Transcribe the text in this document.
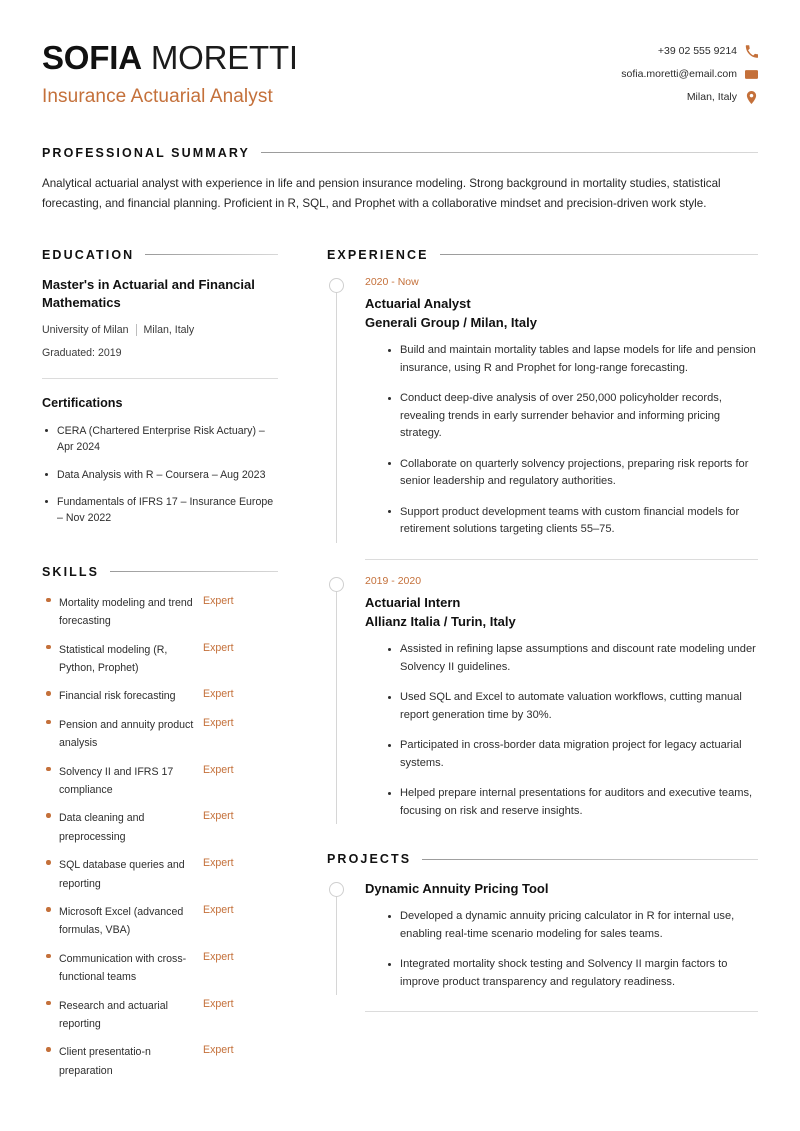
SOFIA MORETTI
Insurance Actuarial Analyst
+39 02 555 9214
sofia.moretti@email.com
Milan, Italy
PROFESSIONAL SUMMARY

Analytical actuarial analyst with experience in life and pension insurance modeling. Strong background in mortality studies, statistical forecasting, and financial planning. Proficient in R, SQL, and Prophet with a collaborative mindset and precision-driven work style.

EDUCATION
Master's in Actuarial and Financial Mathematics
University of Milan Milan, Italy
Graduated: 2019
Certifications
CERA (Chartered Enterprise Risk Actuary) – Apr 2024
Data Analysis with R – Coursera – Aug 2023
Fundamentals of IFRS 17 – Insurance Europe – Nov 2022
SKILLS
Mortality modeling and trend forecasting
Expert
Statistical modeling (R, Python, Prophet)
Expert
Financial risk forecasting	Expert
Pension and annuity product analysis
Expert
Solvency II and IFRS 17 compliance
Expert
Data cleaning and preprocessing
Expert
SQL database queries and reporting
Expert
Microsoft Excel (advanced formulas, VBA)
Expert
Communication with cross-functional teams
Expert
Research and actuarial reporting
Expert
Client presentatio-n preparation
Expert
EXPERIENCE
2020 - Now
Actuarial Analyst
Generali Group / Milan, Italy
Build and maintain mortality tables and lapse models for life and pension insurance, using R and Prophet for long-range forecasting.
Conduct deep-dive analysis of over 250,000 policyholder records, revealing trends in early surrender behavior and informing pricing strategy.
Collaborate on quarterly solvency projections, preparing risk reports for senior leadership and regulatory authorities.
Support product development teams with custom financial models for retirement solutions targeting clients 55–75.
2019 - 2020
Actuarial Intern
Allianz Italia / Turin, Italy
Assisted in refining lapse assumptions and discount rate modeling under Solvency II guidelines.
Used SQL and Excel to automate valuation workflows, cutting manual report generation time by 30%.
Participated in cross-border data migration project for legacy actuarial systems.
Helped prepare internal presentations for auditors and executive teams, focusing on risk and reserve insights.
PROJECTS
Dynamic Annuity Pricing Tool
Developed a dynamic annuity pricing calculator in R for internal use, enabling real-time scenario modeling for sales teams.
Integrated mortality shock testing and Solvency II margin factors to improve product transparency and regulatory readiness.
